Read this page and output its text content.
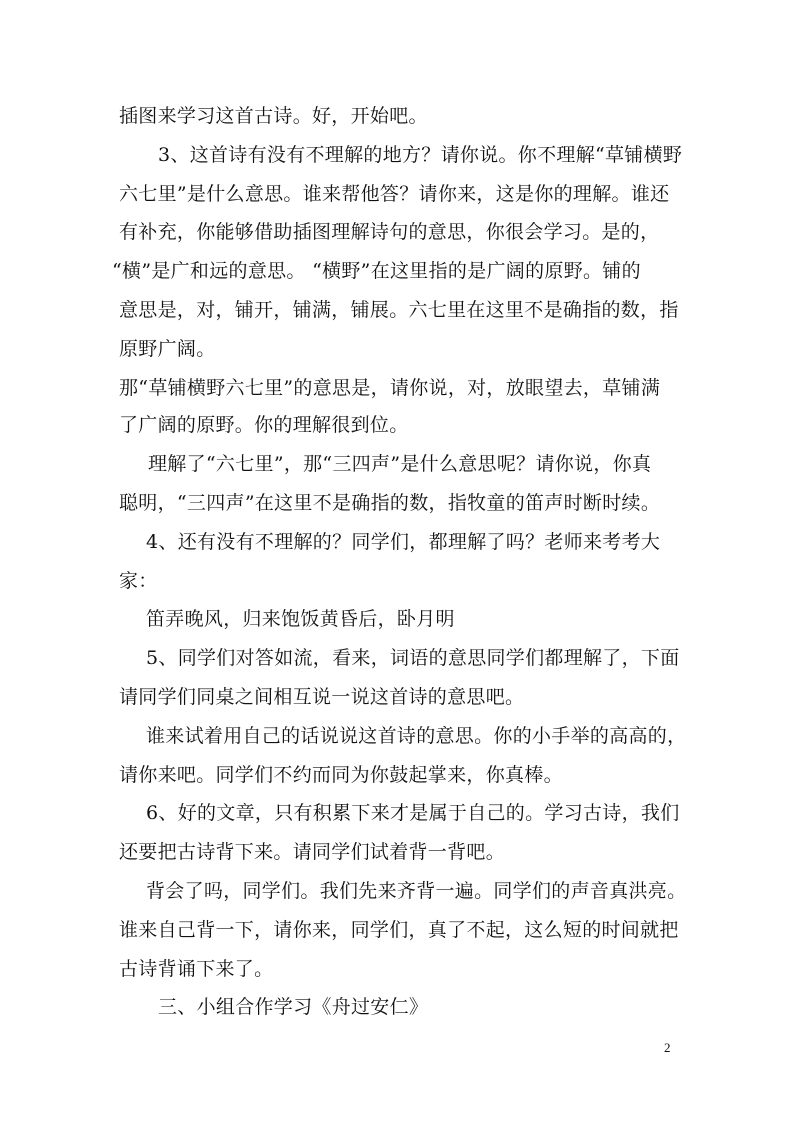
插图来学习这首古诗。好，开始吧。
3、这首诗有没有不理解的地方？请你说。你不理解“草铺横野
六七里”是什么意思。谁来帮他答？请你来，这是你的理解。谁还
有补充，你能够借助插图理解诗句的意思，你很会学习。是的，
“横”是广和远的意思。 “横野”在这里指的是广阔的原野。铺的
意思是，对，铺开，铺满，铺展。六七里在这里不是确指的数，指
原野广阔。
那“草铺横野六七里”的意思是，请你说，对，放眼望去，草铺满
了广阔的原野。你的理解很到位。
理解了“六七里”，那“三四声”是什么意思呢？请你说，你真
聪明，“三四声”在这里不是确指的数，指牧童的笛声时断时续。
4、还有没有不理解的？同学们，都理解了吗？老师来考考大
家：
笛弄晚风，归来饱饭黄昏后，卧月明
5、同学们对答如流，看来，词语的意思同学们都理解了，下面
请同学们同桌之间相互说一说这首诗的意思吧。
谁来试着用自己的话说说这首诗的意思。你的小手举的高高的，
请你来吧。同学们不约而同为你鼓起掌来，你真棒。
6、好的文章，只有积累下来才是属于自己的。学习古诗，我们
还要把古诗背下来。请同学们试着背一背吧。
背会了吗，同学们。我们先来齐背一遍。同学们的声音真洪亮。
谁来自己背一下，请你来，同学们，真了不起，这么短的时间就把
古诗背诵下来了。
三、小组合作学习《舟过安仁》
2
